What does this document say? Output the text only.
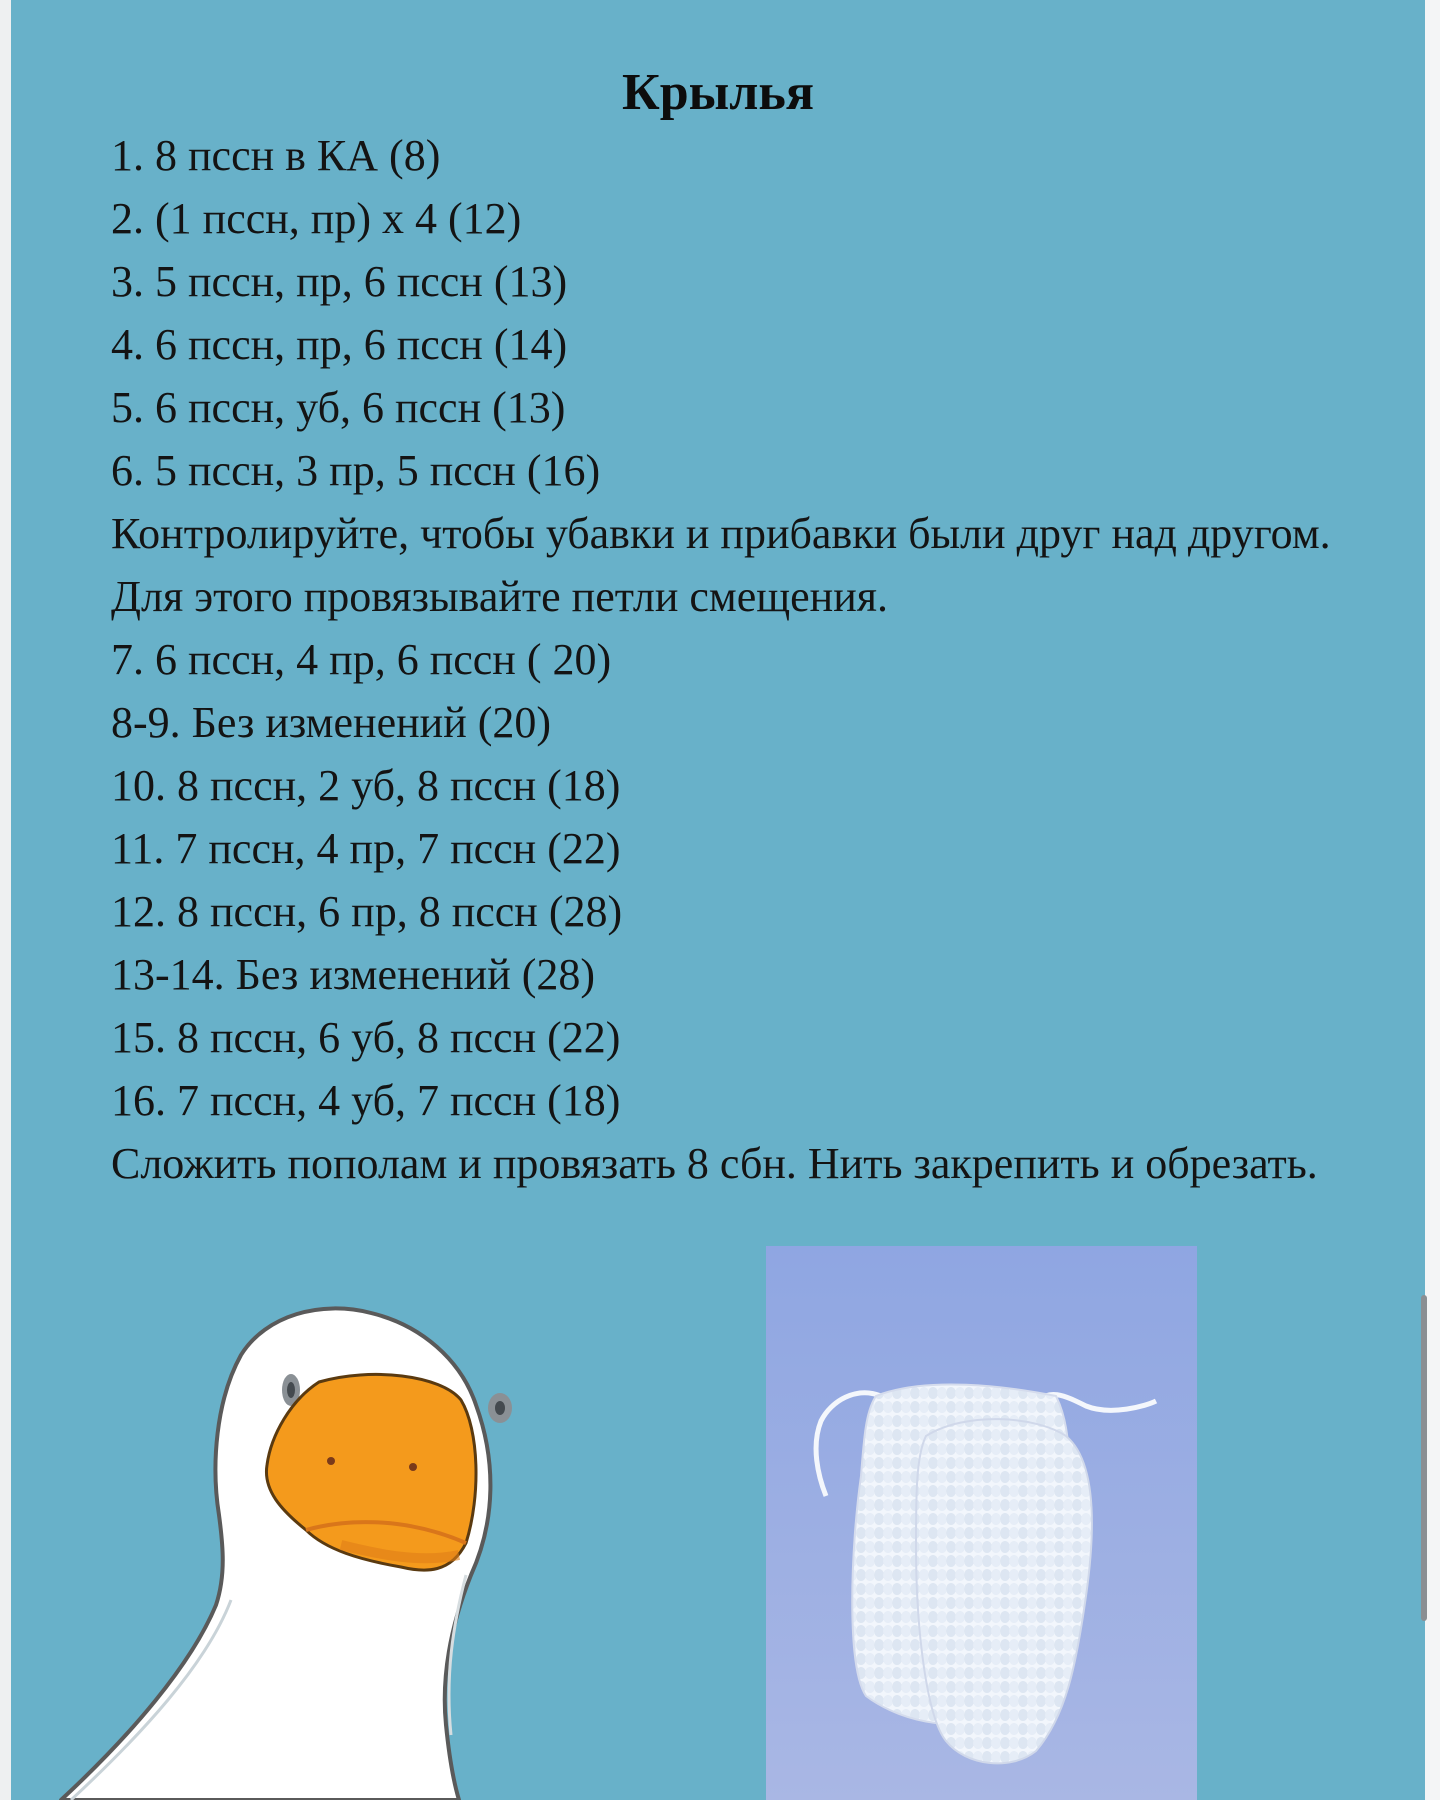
Крылья
1. 8 пссн в КА (8)
2. (1 пссн, пр) х 4 (12)
3. 5 пссн, пр, 6 пссн (13)
4. 6 пссн, пр, 6 пссн (14)
5. 6 пссн, уб, 6 пссн (13)
6. 5 пссн, 3 пр, 5 пссн (16)
Контролируйте, чтобы убавки и прибавки были друг над другом. Для этого провязывайте петли смещения.
7. 6 пссн, 4 пр, 6 пссн ( 20)
8-9. Без изменений (20)
10. 8 пссн, 2 уб, 8 пссн (18)
11. 7 пссн, 4 пр, 7 пссн (22)
12. 8 пссн, 6 пр, 8 пссн (28)
13-14. Без изменений (28)
15. 8 пссн, 6 уб, 8 пссн (22)
16. 7 пссн, 4 уб, 7 пссн (18)
Сложить пополам и провязать 8 сбн. Нить закрепить и обрезать.
